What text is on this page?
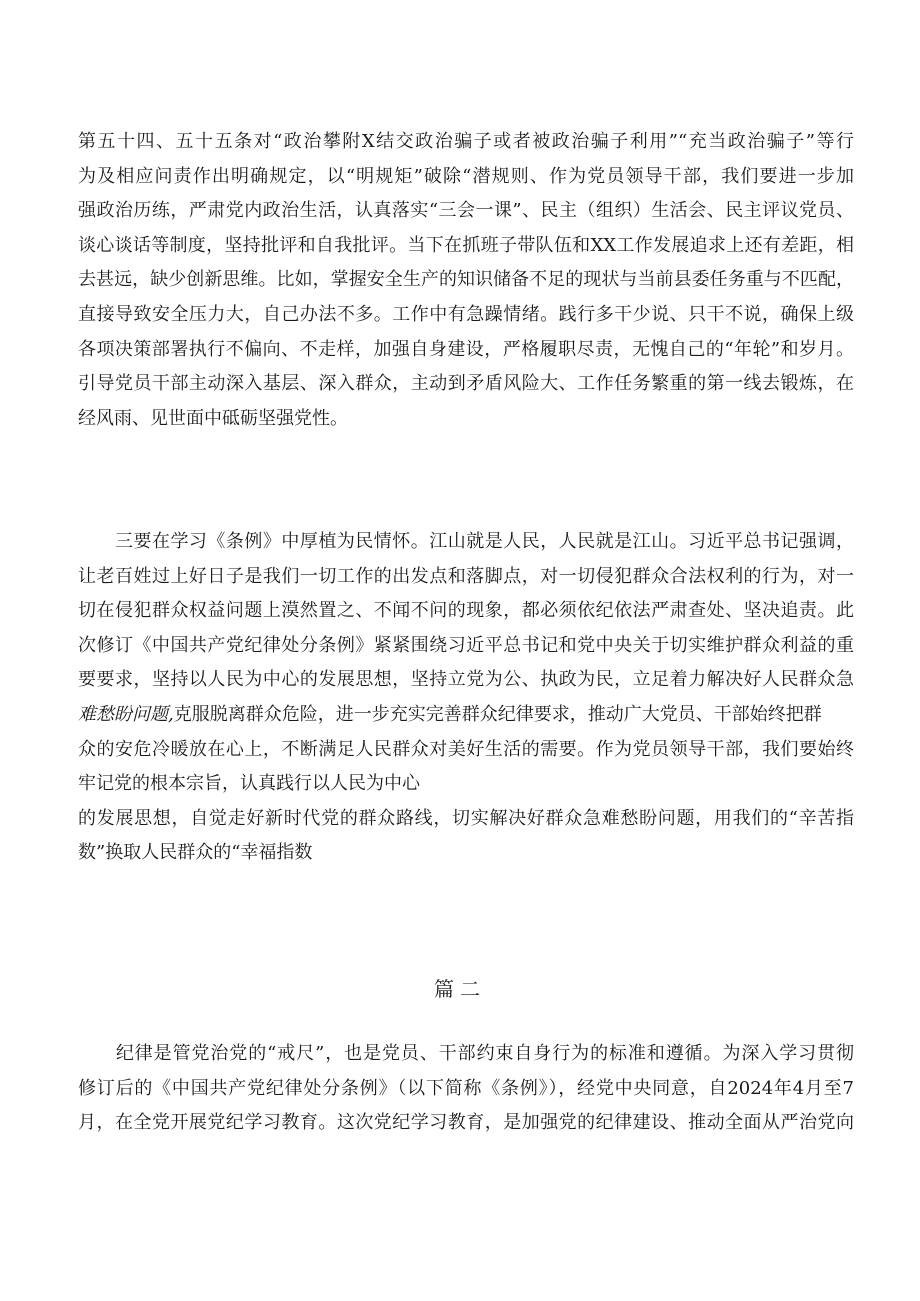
第五十四、五十五条对“政治攀附X结交政治骗子或者被政治骗子利用”“充当政治骗子”等行
为及相应问责作出明确规定，以“明规矩”破除“潜规则、作为党员领导干部，我们要进一步加
强政治历练，严肃党内政治生活，认真落实“三会一课”、民主（组织）生活会、民主评议党员、
谈心谈话等制度，坚持批评和自我批评。当下在抓班子带队伍和XX工作发展追求上还有差距，相
去甚远，缺少创新思维。比如，掌握安全生产的知识储备不足的现状与当前县委任务重与不匹配，
直接导致安全压力大，自己办法不多。工作中有急躁情绪。践行多干少说、只干不说，确保上级
各项决策部署执行不偏向、不走样，加强自身建设，严格履职尽责，无愧自己的“年轮”和岁月。
引导党员干部主动深入基层、深入群众，主动到矛盾风险大、工作任务繁重的第一线去锻炼，在
经风雨、见世面中砥砺坚强党性。
　　三要在学习《条例》中厚植为民情怀。江山就是人民，人民就是江山。习近平总书记强调，
让老百姓过上好日子是我们一切工作的出发点和落脚点，对一切侵犯群众合法权利的行为，对一
切在侵犯群众权益问题上漠然置之、不闻不问的现象，都必须依纪依法严肃查处、坚决追责。此
次修订《中国共产党纪律处分条例》紧紧围绕习近平总书记和党中央关于切实维护群众利益的重
要要求，坚持以人民为中心的发展思想，坚持立党为公、执政为民，立足着力解决好人民群众急
难愁盼问题,克服脱离群众危险，进一步充实完善群众纪律要求，推动广大党员、干部始终把群
众的安危冷暖放在心上，不断满足人民群众对美好生活的需要。作为党员领导干部，我们要始终
牢记党的根本宗旨，认真践行以人民为中心
的发展思想，自觉走好新时代党的群众路线，切实解决好群众急难愁盼问题，用我们的“辛苦指
数”换取人民群众的“幸福指数
篇二
　　纪律是管党治党的“戒尺”，也是党员、干部约束自身行为的标准和遵循。为深入学习贯彻
修订后的《中国共产党纪律处分条例》（以下简称《条例》），经党中央同意，自2024年4月至7
月，在全党开展党纪学习教育。这次党纪学习教育，是加强党的纪律建设、推动全面从严治党向
